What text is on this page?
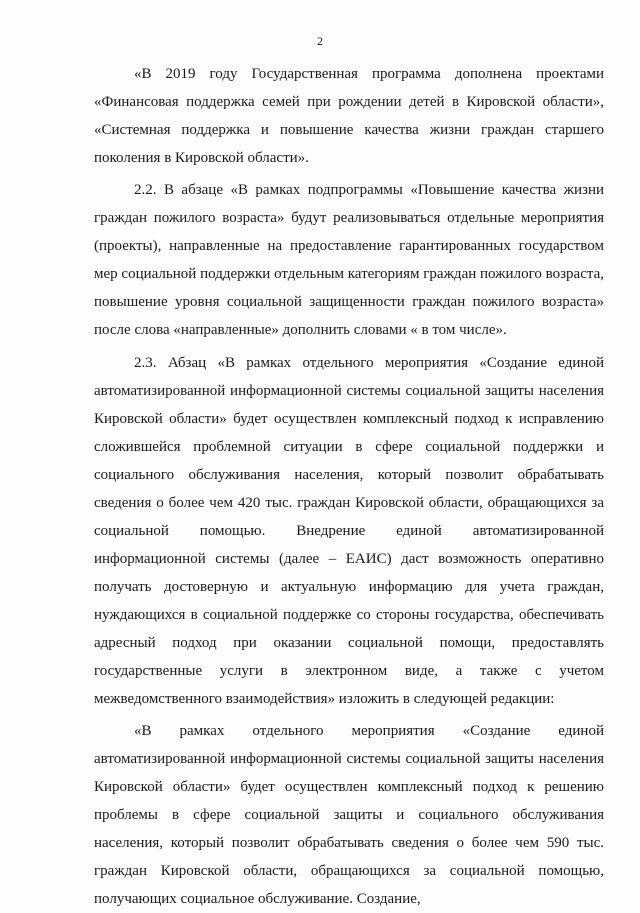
2

«В 2019 году Государственная программа дополнена проектами «Финансовая поддержка семей при рождении детей в Кировской области», «Системная поддержка и повышение качества жизни граждан старшего поколения в Кировской области».

2.2. В абзаце «В рамках подпрограммы «Повышение качества жизни граждан пожилого возраста» будут реализовываться отдельные мероприятия (проекты), направленные на предоставление гарантированных государством мер социальной поддержки отдельным категориям граждан пожилого возраста, повышение уровня социальной защищенности граждан пожилого возраста» после слова «направленные» дополнить словами « в том числе».

2.3. Абзац «В рамках отдельного мероприятия «Создание единой автоматизированной информационной системы социальной защиты населения Кировской области» будет осуществлен комплексный подход к исправлению сложившейся проблемной ситуации в сфере социальной поддержки и социального обслуживания населения, который позволит обрабатывать сведения о более чем 420 тыс. граждан Кировской области, обращающихся за социальной помощью. Внедрение единой автоматизированной информационной системы (далее – ЕАИС) даст возможность оперативно получать достоверную и актуальную информацию для учета граждан, нуждающихся в социальной поддержке со стороны государства, обеспечивать адресный подход при оказании социальной помощи, предоставлять государственные услуги в электронном виде, а также с учетом межведомственного взаимодействия» изложить в следующей редакции:

«В рамках отдельного мероприятия «Создание единой автоматизированной информационной системы социальной защиты населения Кировской области» будет осуществлен комплексный подход к решению проблемы в сфере социальной защиты и социального обслуживания населения, который позволит обрабатывать сведения о более чем 590 тыс. граждан Кировской области, обращающихся за социальной помощью, получающих социальное обслуживание. Создание,
